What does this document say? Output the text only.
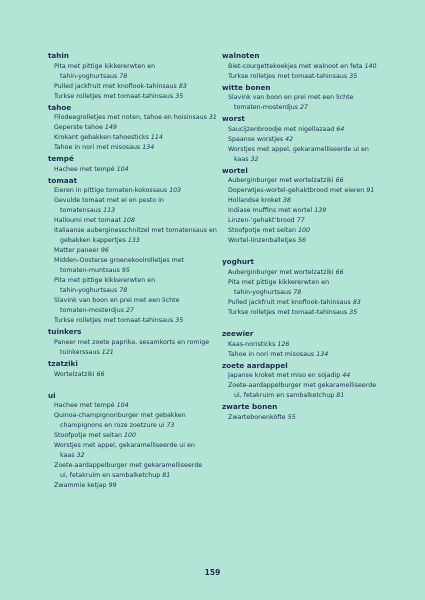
tahin
Pita met pittige kikkererwten en
tahin-yoghurtsaus 78
Pulled jackfruit met knoflook-tahinsaus 83
Turkse rolletjes met tomaat-tahinsaus 35
tahoe
Filodeegrolletjes met noten, tahoe en hoisinsaus 31
Geperste tahoe 149
Krokant gebakken tahoesticks 114
Tahoe in nori met misosaus 134
tempé
Hachee met tempé 104
tomaat
Eieren in pittige tomaten-kokossaus 103
Gevulde tomaat met ei en pesto in
tomatensaus 113
Halloumi met tomaat 108
Italiaanse auberginesschnitzel met tomatensaus en
gebakken kappertjes 133
Matter paneer 96
Midden-Oosterse groenekoolrolletjes met
tomaten-muntsaus 95
Pita met pittige kikkererwten en
tahin-yoghurtsaus 78
Slavink van boon en prei met een lichte
tomaten-mosterdjus 27
Turkse rolletjes met tomaat-tahinsaus 35
tuinkers
Paneer met zoete paprika, sesamkorts en romige
tuinkerssaus 121
tzatziki
Wortelzatziki 66
ui
Hachee met tempé 104
Quinoa-champignonburger met gebakken
champignons en roze zoetzure ui 73
Stoofpotje met seitan 100
Worstjes met appel, gekaramelliseerde ui en
kaas 32
Zoete-aardappelburger met gekaramelliseerde
ui, fetakruim en sambalketchup 81
Zwammie ketjap 99
walnoten
Biet-courgettekoekjes met walnoot en feta 140
Turkse rolletjes met tomaat-tahinsaus 35
witte bonen
Slavink van boon en prei met een lichte
tomaten-mosterdjus 27
worst
Saucijzenbroodje met nigellazaad 64
Spaanse worstjes 42
Worstjes met appel, gekaramelliseerde ui en
kaas 32
wortel
Auberginburger met wortelzatziki 66
Doperwtjes-wortel-gehaktbrood met eieren 91
Hollandse kroket 38
Indiase muffins met wortel 139
Linzen-‘gehakt’brood 77
Stoofpotje met seitan 100
Wortel-linzenballetjes 56
yoghurt
Auberginburger met wortelzatziki 66
Pita met pittige kikkererwten en
tahin-yoghurtsaus 78
Pulled jackfruit met knoflook-tahinsaus 83
Turkse rolletjes met tomaat-tahinsaus 35
zeewier
Kaas-noristicks 126
Tahoe in nori met misosaus 134
zoete aardappel
Japanse kroket met miso en sojadip 44
Zoete-aardappelburger met gekaramelliseerde
ui, fetakruim en sambalketchup 81
zwarte bonen
Zwartebonenköfte 55
159
